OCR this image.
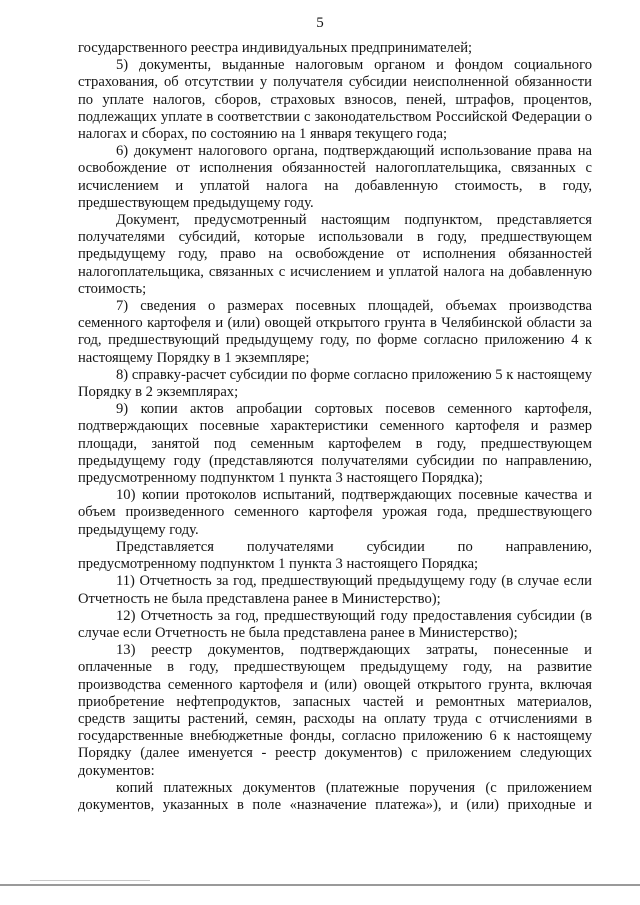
5

государственного реестра индивидуальных предпринимателей;

5) документы, выданные налоговым органом и фондом социального страхования, об отсутствии у получателя субсидии неисполненной обязанности по уплате налогов, сборов, страховых взносов, пеней, штрафов, процентов, подлежащих уплате в соответствии с законодательством Российской Федерации о налогах и сборах, по состоянию на 1 января текущего года;

6) документ налогового органа, подтверждающий использование права на освобождение от исполнения обязанностей налогоплательщика, связанных с исчислением и уплатой налога на добавленную стоимость, в году, предшествующем предыдущему году.

Документ, предусмотренный настоящим подпунктом, представляется получателями субсидий, которые использовали в году, предшествующем предыдущему году, право на освобождение от исполнения обязанностей налогоплательщика, связанных с исчислением и уплатой налога на добавленную стоимость;

7) сведения о размерах посевных площадей, объемах производства семенного картофеля и (или) овощей открытого грунта в Челябинской области за год, предшествующий предыдущему году, по форме согласно приложению 4 к настоящему Порядку в 1 экземпляре;

8) справку-расчет субсидии по форме согласно приложению 5 к настоящему Порядку в 2 экземплярах;

9) копии актов апробации сортовых посевов семенного картофеля, подтверждающих посевные характеристики семенного картофеля и размер площади, занятой под семенным картофелем в году, предшествующем предыдущему году (представляются получателями субсидии по направлению, предусмотренному подпунктом 1 пункта 3 настоящего Порядка);

10) копии протоколов испытаний, подтверждающих посевные качества и объем произведенного семенного картофеля урожая года, предшествующего предыдущему году.

Представляется получателями субсидии по направлению, предусмотренному подпунктом 1 пункта 3 настоящего Порядка;

11) Отчетность за год, предшествующий предыдущему году (в случае если Отчетность не была представлена ранее в Министерство);

12) Отчетность за год, предшествующий году предоставления субсидии (в случае если Отчетность не была представлена ранее в Министерство);

13) реестр документов, подтверждающих затраты, понесенные и оплаченные в году, предшествующем предыдущему году, на развитие производства семенного картофеля и (или) овощей открытого грунта, включая приобретение нефтепродуктов, запасных частей и ремонтных материалов, средств защиты растений, семян, расходы на оплату труда с отчислениями в государственные внебюджетные фонды, согласно приложению 6 к настоящему Порядку (далее именуется - реестр документов) с приложением следующих документов:

копий платежных документов (платежные поручения (с приложением документов, указанных в поле «назначение платежа»), и (или) приходные и
